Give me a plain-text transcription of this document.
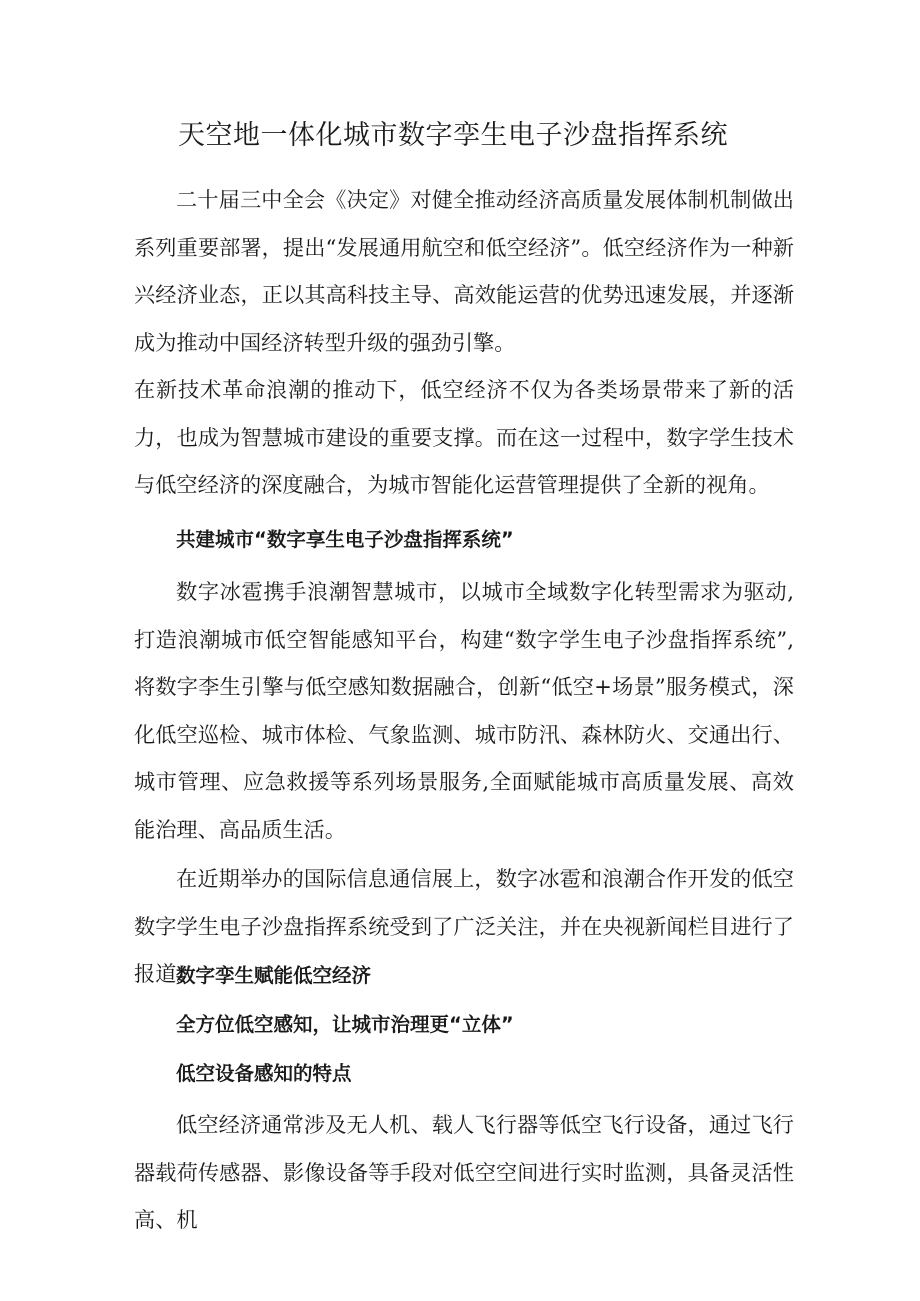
天空地一体化城市数字孪生电子沙盘指挥系统

二十届三中全会《决定》对健全推动经济高质量发展体制机制做出系列重要部署，提出“发展通用航空和低空经济”。低空经济作为一种新兴经济业态，正以其高科技主导、高效能运营的优势迅速发展，并逐渐成为推动中国经济转型升级的强劲引擎。

在新技术革命浪潮的推动下，低空经济不仅为各类场景带来了新的活力，也成为智慧城市建设的重要支撑。而在这一过程中，数字学生技术与低空经济的深度融合，为城市智能化运营管理提供了全新的视角。

共建城市“数字享生电子沙盘指挥系统”

数字冰雹携手浪潮智慧城市，以城市全域数字化转型需求为驱动,打造浪潮城市低空智能感知平台，构建“数字学生电子沙盘指挥系统”,将数字李生引擎与低空感知数据融合，创新“低空+场景”服务模式，深化低空巡检、城市体检、气象监测、城市防汛、森林防火、交通出行、城市管理、应急救援等系列场景服务,全面赋能城市高质量发展、高效能治理、高品质生活。

在近期举办的国际信息通信展上，数字冰雹和浪潮合作开发的低空数字学生电子沙盘指挥系统受到了广泛关注，并在央视新闻栏目进行了报道。

数字孪生赋能低空经济
全方位低空感知，让城市治理更“立体”
低空设备感知的特点

低空经济通常涉及无人机、载人飞行器等低空飞行设备，通过飞行器载荷传感器、影像设备等手段对低空空间进行实时监测，具备灵活性高、机
